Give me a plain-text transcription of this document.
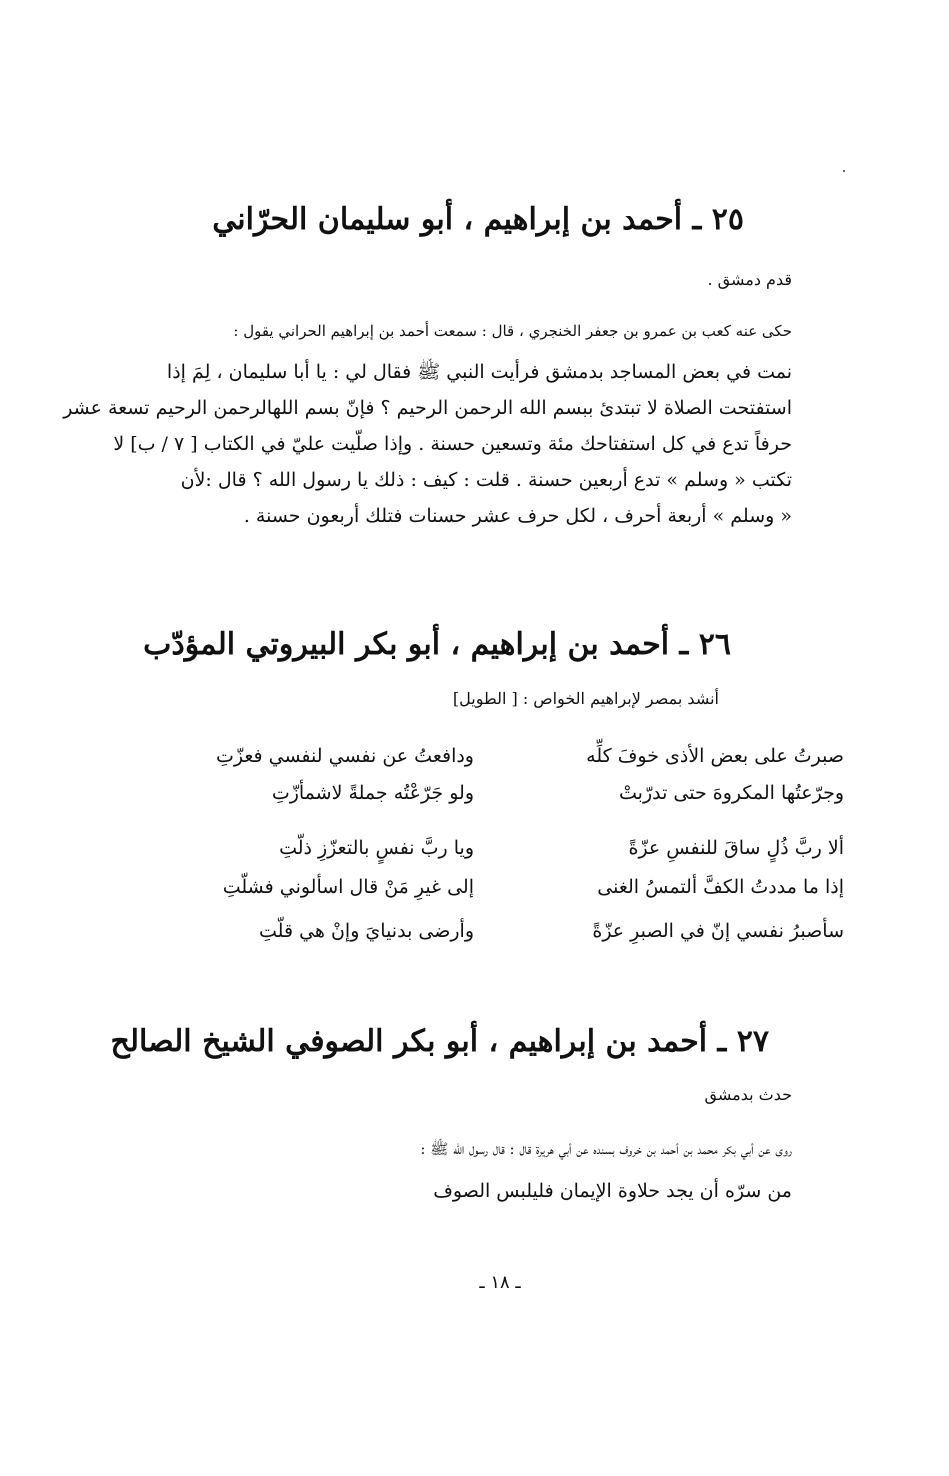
٢٥ ـ أحمد بن إبراهيم ، أبو سليمان الحرّاني
قدم دمشق .
حكى عنه كعب بن عمرو بن جعفر الخنجري ، قال : سمعت أحمد بن إبراهيم الحراني يقول :

نمت في بعض المساجد بدمشق فرأيت النبي ﷺ فقال لي : يا أبا سليمان ، لِمَ إذا

استفتحت الصلاة لا تبتدئ ببسم الله الرحمن الرحيم ؟ فإنّ بسم اللهالرحمن الرحيم تسعة عشر

حرفاً تدع في كل استفتاحك مئة وتسعين حسنة . وإذا صلّيت عليّ في الكتاب [ ٧ / ب] لا

تكتب « وسلم » تدع أربعين حسنة . قلت : كيف : ذلك يا رسول الله ؟ قال :لأن

« وسلم » أربعة أحرف ، لكل حرف عشر حسنات فتلك أربعون حسنة .

٢٦ ـ أحمد بن إبراهيم ، أبو بكر البيروتي المؤدّب
أنشد بمصر لإبراهيم الخواص : [ الطويل]
صبرتُ على بعض الأذى خوفَ كلِّه
ودافعتُ عن نفسي لنفسي فعزّتِ
وجرّعتُها المكروهَ حتى تدرّبتْ
ولو جَرّعْتُه جملةً لاشمأزّتِ
ألا ربَّ ذُلٍ ساقَ للنفسِ عزّةً
ويا ربَّ نفسٍ بالتعزّزِ ذلّتِ
إذا ما مددتُ الكفَّ ألتمسُ الغنى
إلى غيرِ مَنْ قال اسألوني فشلّتِ
سأصبرُ نفسي إنّ في الصبرِ عزّةً
وأرضى بدنيايَ وإنْ هي قلّتِ
٢٧ ـ أحمد بن إبراهيم ، أبو بكر الصوفي الشيخ الصالح
حدث بدمشق
روى عن أبي بكر محمد بن أحمد بن خروف بسنده عن أبي هريرة قال : قال رسول الله ﷺ :
من سرّه أن يجد حلاوة الإيمان فليلبس الصوف
ـ ١٨ ـ
